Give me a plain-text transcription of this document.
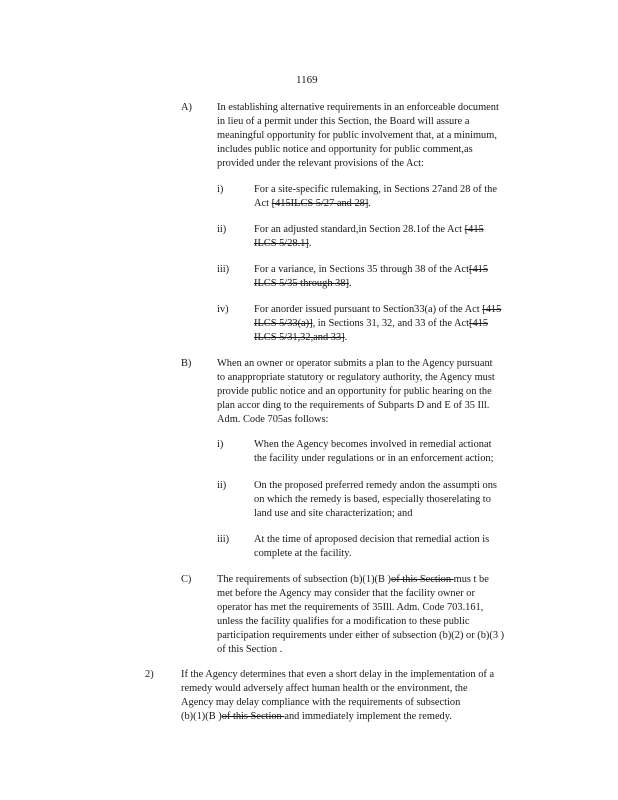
1169
A) In establishing alternative requirements in an enforceable document
in lieu of a permit under this Section, the Board will assure a
meaningful opportunity for public involvement that, at a minimum,
includes public notice and opportunity for public comment,as
provided under the relevant provisions of the Act:
i)	For a site-specific rulemaking, in Sections 27and 28 of the
Act [415ILCS 5/27 and 28].
ii)	For an adjusted standard,in Section 28.1of the Act [415
ILCS 5/28.1].
iii) For a variance, in Sections 35 through 38 of the Act[415
ILCS 5/35 through 38].
iv) For anorder issued pursuant to Section33(a) of the Act [415
ILCS 5/33(a)], in Sections 31, 32, and 33 of the Act[415
ILCS 5/31,32,and 33].
B) When an owner or operator submits a plan to the Agency pursuant
to anappropriate statutory or regulatory authority, the Agency must
provide public notice and an opportunity for public hearing on the
plan accor ding to the requirements of Subparts D and E of 35 Ill.
Adm. Code 705as follows:
i)	When the Agency becomes involved in remedial actionat
the facility under regulations or in an enforcement action;
ii)	On the proposed preferred remedy andon the assumpti ons
on which the remedy is based, especially thoserelating to
land use and site characterization; and
iii) At the time of aproposed decision that remedial action is
complete at the facility.
C) The requirements of subsection (b)(1)(B )of this Section mus t be
met before the Agency may consider that the facility owner or
operator has met the requirements of 35Ill. Adm. Code 703.161,
unless the facility qualifies for a modification to these public
participation requirements under either of subsection (b)(2) or (b)(3 )
of this Section .
2)	If the Agency determines that even a short delay in the implementation of a
remedy would adversely affect human health or the environment, the
Agency may delay compliance with the requirements of subsection
(b)(1)(B )of this Section and immediately implement the remedy.
